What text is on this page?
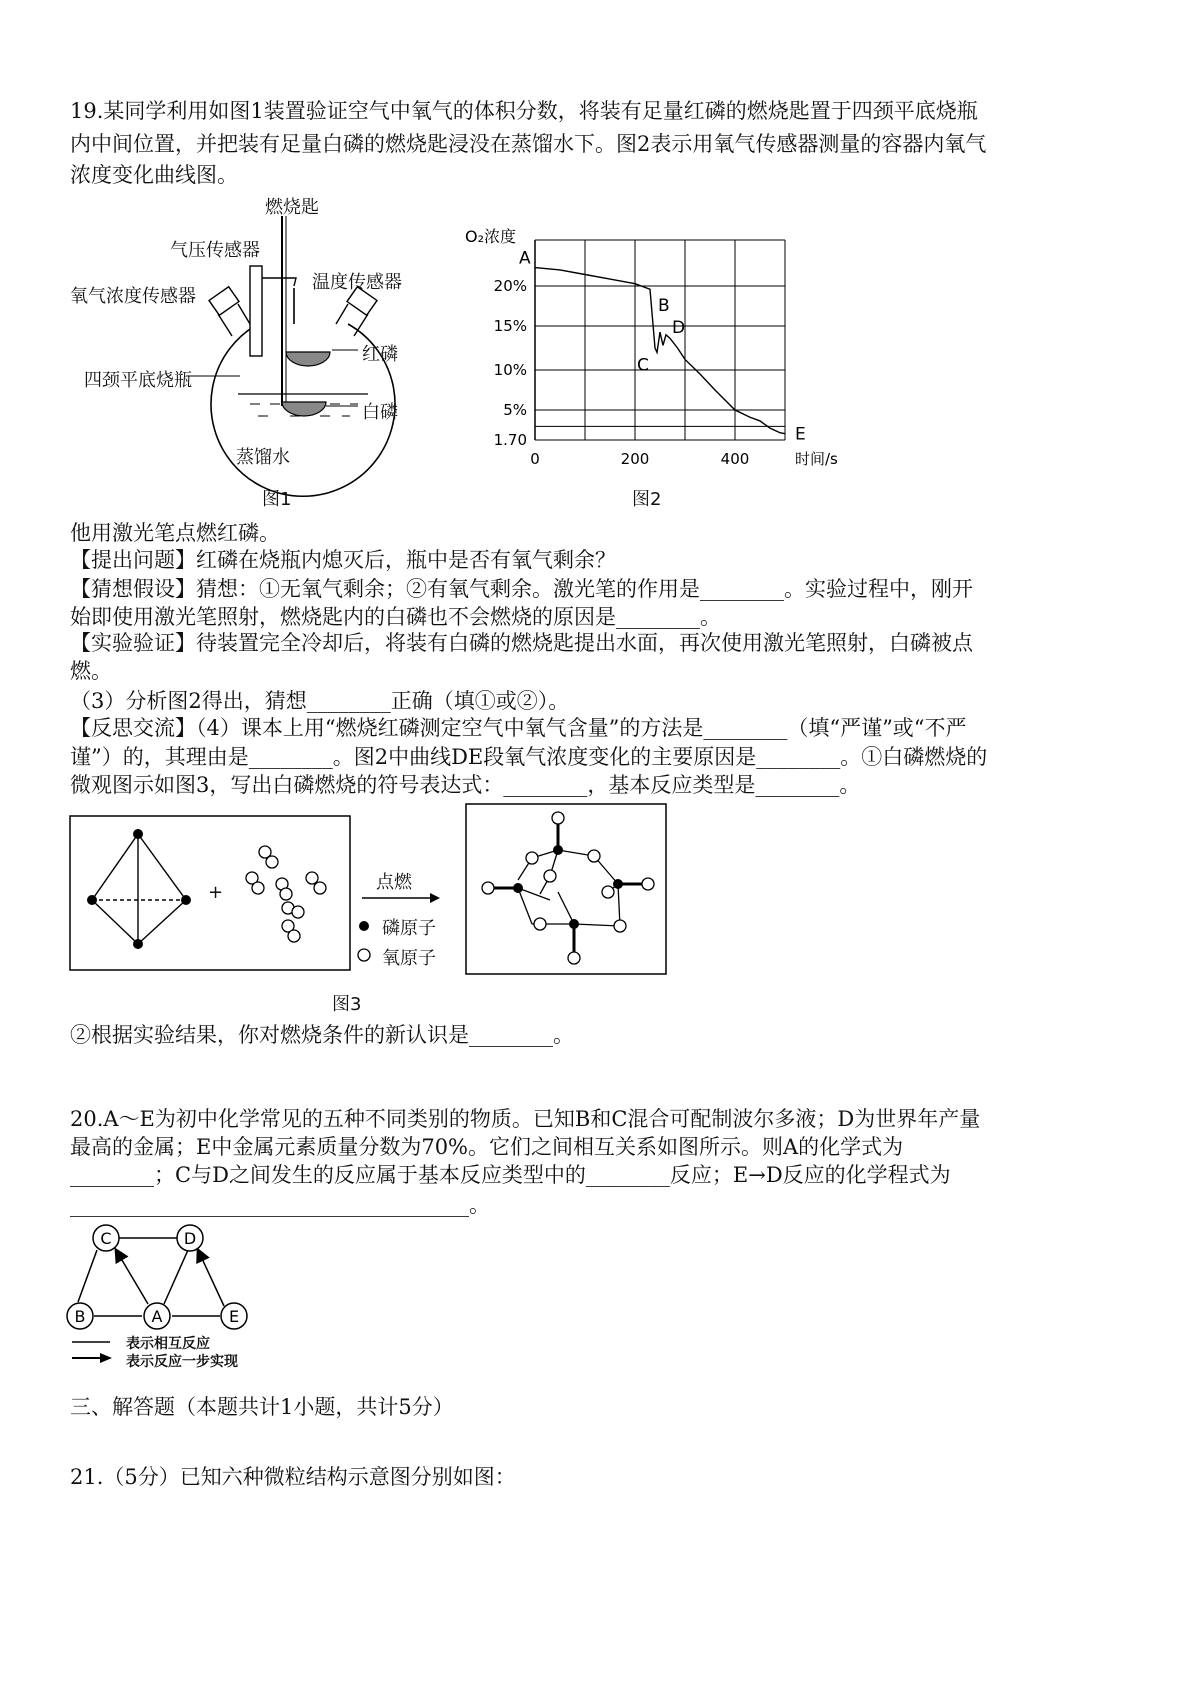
19.某同学利用如图1装置验证空气中氧气的体积分数，将装有足量红磷的燃烧匙置于四颈平底烧瓶
内中间位置，并把装有足量白磷的燃烧匙浸没在蒸馏水下。图2表示用氧气传感器测量的容器内氧气
浓度变化曲线图。
燃烧匙
气压传感器
氧气浓度传感器
温度传感器
红磷
四颈平底烧瓶
白磷
蒸馏水
图1
1.70
5%
10%
15%
20%
0	200	400	时间/s
O₂浓度
A
B
C
D
E
图2
他用激光笔点燃红磷。
【提出问题】红磷在烧瓶内熄灭后，瓶中是否有氧气剩余？
【猜想假设】猜想：①无氧气剩余；②有氧气剩余。激光笔的作用是________。实验过程中，刚开
始即使用激光笔照射，燃烧匙内的白磷也不会燃烧的原因是________。
【实验验证】待装置完全冷却后，将装有白磷的燃烧匙提出水面，再次使用激光笔照射，白磷被点
燃。
（3）分析图2得出，猜想________正确（填①或②）。
【反思交流】（4）课本上用“燃烧红磷测定空气中氧气含量”的方法是________（填“严谨”或“不严
谨”）的，其理由是________。图2中曲线DE段氧气浓度变化的主要原因是________。①白磷燃烧的
微观图示如图3，写出白磷燃烧的符号表达式：________，基本反应类型是________。
+	点燃
磷原子
氧原子
图3
②根据实验结果，你对燃烧条件的新认识是________。
20.A～E为初中化学常见的五种不同类别的物质。已知B和C混合可配制波尔多液；D为世界年产量
最高的金属；E中金属元素质量分数为70%。它们之间相互关系如图所示。则A的化学式为
________；C与D之间发生的反应属于基本反应类型中的________反应；E→D反应的化学程式为
______________________________________。
C	D
B	A	E
表示相互反应
表示反应一步实现
三、解答题（本题共计1小题，共计5分）
21.（5分）已知六种微粒结构示意图分别如图：
